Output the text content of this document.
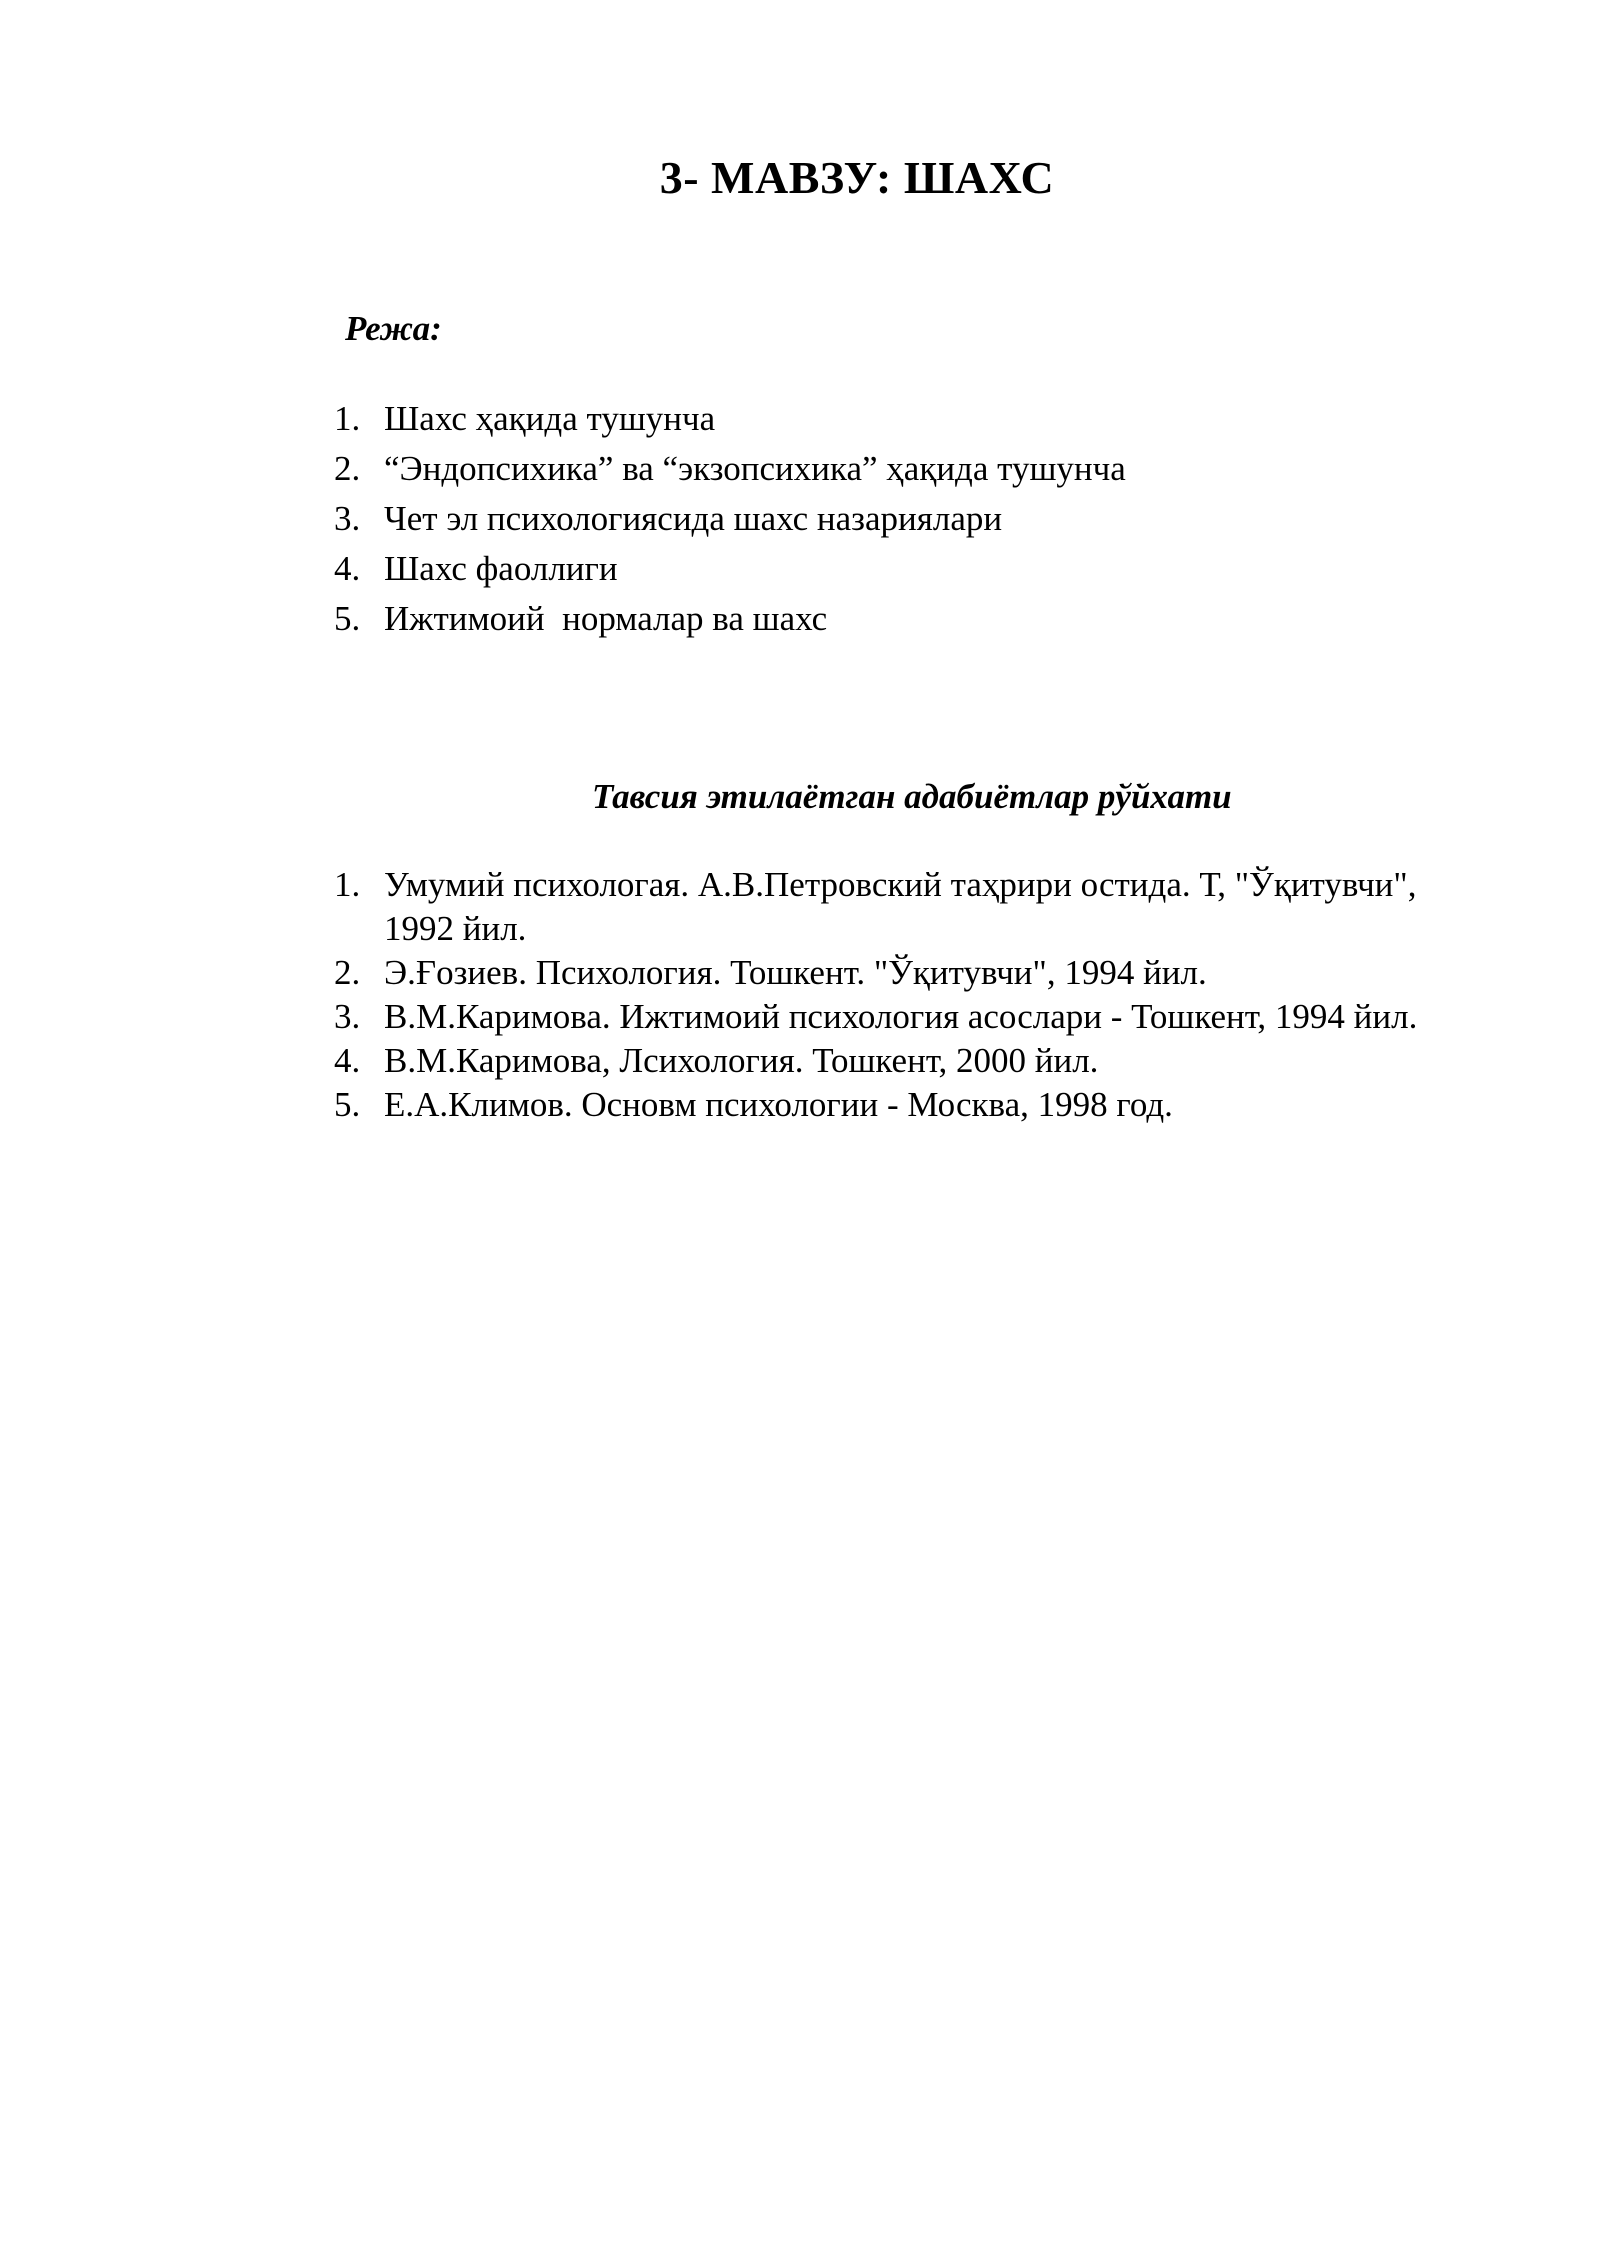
3- МАВЗУ: ШАХС
Режа:
1. Шахс ҳақида тушунча
2. “Эндопсихика” ва “экзопсихика” ҳақида тушунча
3. Чет эл психологиясида шахс назариялари
4. Шахс фаоллиги
5. Ижтимоий  нормалар ва шахс
Тавсия этилаётган адабиётлар рўйхати
1. Умумий психологая. А.В.Петровский таҳрири остида. Т, "Ўқитувчи", 1992 йил.
2. Э.Ғозиев. Психология. Тошкент. "Ўқитувчи", 1994 йил.
3. В.М.Каримова. Ижтимоий психология асослари - Тошкент, 1994 йил.
4. В.М.Каримова, Лсихология. Тошкент, 2000 йил.
5. Е.А.Климов. Основм психологии - Москва, 1998 год.
